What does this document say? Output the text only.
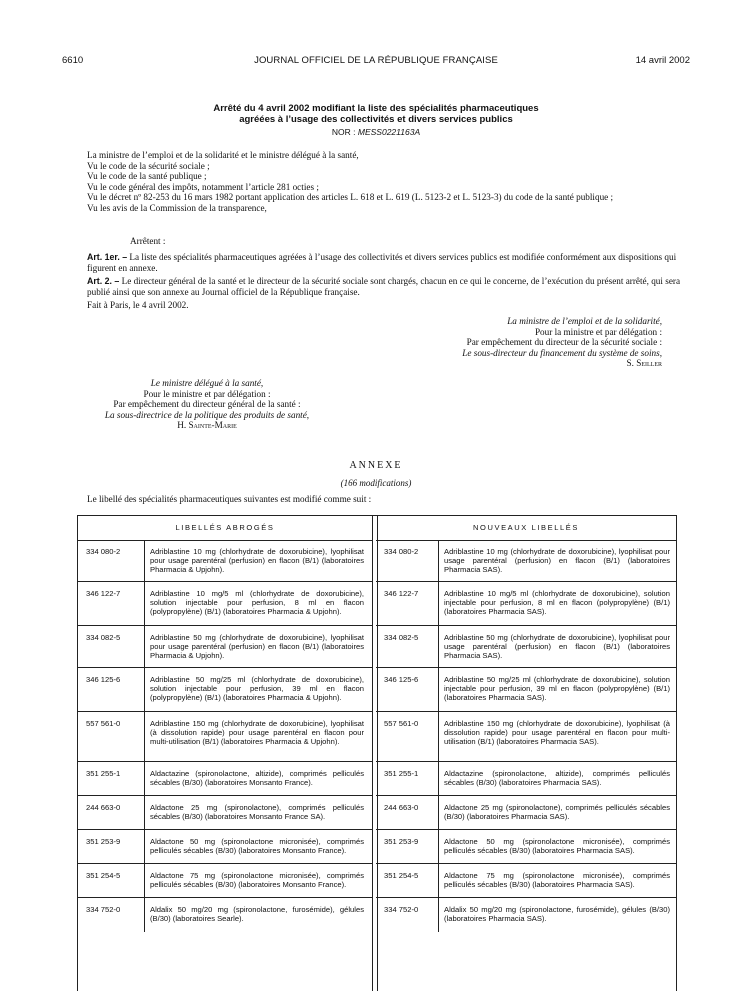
6610	JOURNAL OFFICIEL DE LA RÉPUBLIQUE FRANÇAISE	14 avril 2002
Arrêté du 4 avril 2002 modifiant la liste des spécialités pharmaceutiques
agréées à l’usage des collectivités et divers services publics
NOR : MESS0221163A
La ministre de l’emploi et de la solidarité et le ministre délégué à la santé,
Vu le code de la sécurité sociale ;
Vu le code de la santé publique ;
Vu le code général des impôts, notamment l’article 281 octies ;
Vu le décret nº 82-253 du 16 mars 1982 portant application des articles L. 618 et L. 619 (L. 5123-2 et L. 5123-3) du code de la santé publique ;
Vu les avis de la Commission de la transparence,
Arrêtent :
Art. 1er. – La liste des spécialités pharmaceutiques agréées à l’usage des collectivités et divers services publics est modifiée conformément aux dispositions qui figurent en annexe.
Art. 2. – Le directeur général de la santé et le directeur de la sécurité sociale sont chargés, chacun en ce qui le concerne, de l’exécution du présent arrêté, qui sera publié ainsi que son annexe au Journal officiel de la République française.
Fait à Paris, le 4 avril 2002.
La ministre de l’emploi et de la solidarité,
Pour la ministre et par délégation :
Par empêchement du directeur de la sécurité sociale :
Le sous-directeur du financement du système de soins,
S. Seiller
Le ministre délégué à la santé,
Pour le ministre et par délégation :
Par empêchement du directeur général de la santé :
La sous-directrice de la politique des produits de santé,
H. Sainte-Marie
ANNEXE
(166 modifications)
Le libellé des spécialités pharmaceutiques suivantes est modifié comme suit :
LIBELLÉS ABROGÉS	NOUVEAUX LIBELLÉS
334 080-2	Adriblastine 10 mg (chlorhydrate de doxorubicine), lyophilisat pour usage parentéral (perfusion) en flacon (B/1) (laboratoires Pharmacia & Upjohn).
334 080-2	Adriblastine 10 mg (chlorhydrate de doxorubicine), lyophilisat pour usage parentéral (perfusion) en flacon (B/1) (laboratoires Pharmacia SAS).
346 122-7	Adriblastine 10 mg/5 ml (chlorhydrate de doxorubicine), solution injectable pour perfusion, 8 ml en flacon (polypropylène) (B/1) (laboratoires Pharmacia & Upjohn).
346 122-7	Adriblastine 10 mg/5 ml (chlorhydrate de doxorubicine), solution injectable pour perfusion, 8 ml en flacon (polypropylène) (B/1) (laboratoires Pharmacia SAS).
334 082-5	Adriblastine 50 mg (chlorhydrate de doxorubicine), lyophilisat pour usage parentéral (perfusion) en flacon (B/1) (laboratoires Pharmacia & Upjohn).
334 082-5	Adriblastine 50 mg (chlorhydrate de doxorubicine), lyophilisat pour usage parentéral (perfusion) en flacon (B/1) (laboratoires Pharmacia SAS).
346 125-6	Adriblastine 50 mg/25 ml (chlorhydrate de doxorubicine), solution injectable pour perfusion, 39 ml en flacon (polypropylène) (B/1) (laboratoires Pharmacia & Upjohn).
346 125-6	Adriblastine 50 mg/25 ml (chlorhydrate de doxorubicine), solution injectable pour perfusion, 39 ml en flacon (polypropylène) (B/1) (laboratoires Pharmacia SAS).
557 561-0	Adriblastine 150 mg (chlorhydrate de doxorubicine), lyophilisat (à dissolution rapide) pour usage parentéral en flacon pour multi-utilisation (B/1) (laboratoires Pharmacia & Upjohn).
557 561-0	Adriblastine 150 mg (chlorhydrate de doxorubicine), lyophilisat (à dissolution rapide) pour usage parentéral en flacon pour multi-utilisation (B/1) (laboratoires Pharmacia SAS).
351 255-1	Aldactazine (spironolactone, altizide), comprimés pelliculés sécables (B/30) (laboratoires Monsanto France).
351 255-1	Aldactazine (spironolactone, altizide), comprimés pelliculés sécables (B/30) (laboratoires Pharmacia SAS).
244 663-0	Aldactone 25 mg (spironolactone), comprimés pelliculés sécables (B/30) (laboratoires Monsanto France SA).
244 663-0	Aldactone 25 mg (spironolactone), comprimés pelliculés sécables (B/30) (laboratoires Pharmacia SAS).
351 253-9	Aldactone 50 mg (spironolactone micronisée), comprimés pelliculés sécables (B/30) (laboratoires Monsanto France).
351 253-9	Aldactone 50 mg (spironolactone micronisée), comprimés pelliculés sécables (B/30) (laboratoires Pharmacia SAS).
351 254-5	Aldactone 75 mg (spironolactone micronisée), comprimés pelliculés sécables (B/30) (laboratoires Monsanto France).
351 254-5	Aldactone 75 mg (spironolactone micronisée), comprimés pelliculés sécables (B/30) (laboratoires Pharmacia SAS).
334 752-0	Aldalix 50 mg/20 mg (spironolactone, furosémide), gélules (B/30) (laboratoires Searle).
334 752-0	Aldalix 50 mg/20 mg (spironolactone, furosémide), gélules (B/30) (laboratoires Pharmacia SAS).
